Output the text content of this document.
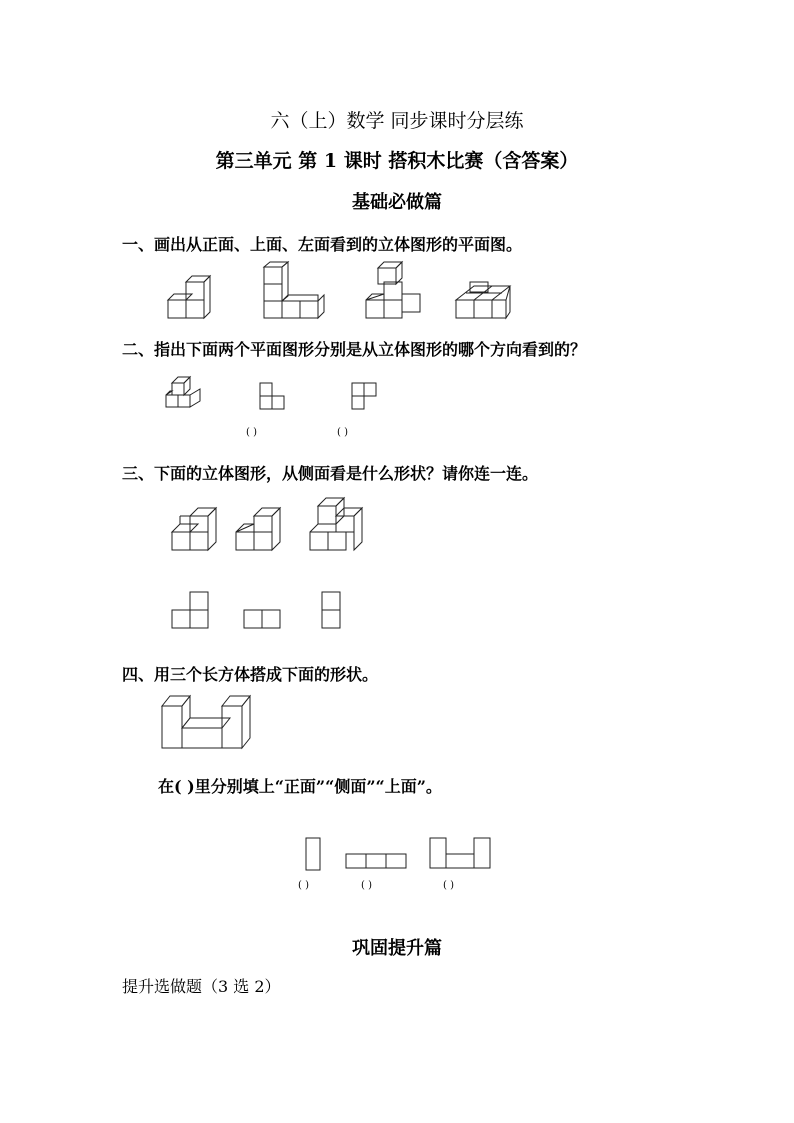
六（上）数学 同步课时分层练
第三单元 第 1 课时 搭积木比赛（含答案）
基础必做篇
一、画出从正面、上面、左面看到的立体图形的平面图。
二、指出下面两个平面图形分别是从立体图形的哪个方向看到的？
( )	( )
三、下面的立体图形，从侧面看是什么形状？请你连一连。
四、用三个长方体搭成下面的形状。
在( )里分别填上“正面”“侧面”“上面”。
( )	( )	( )
巩固提升篇
提升选做题（3 选 2）
